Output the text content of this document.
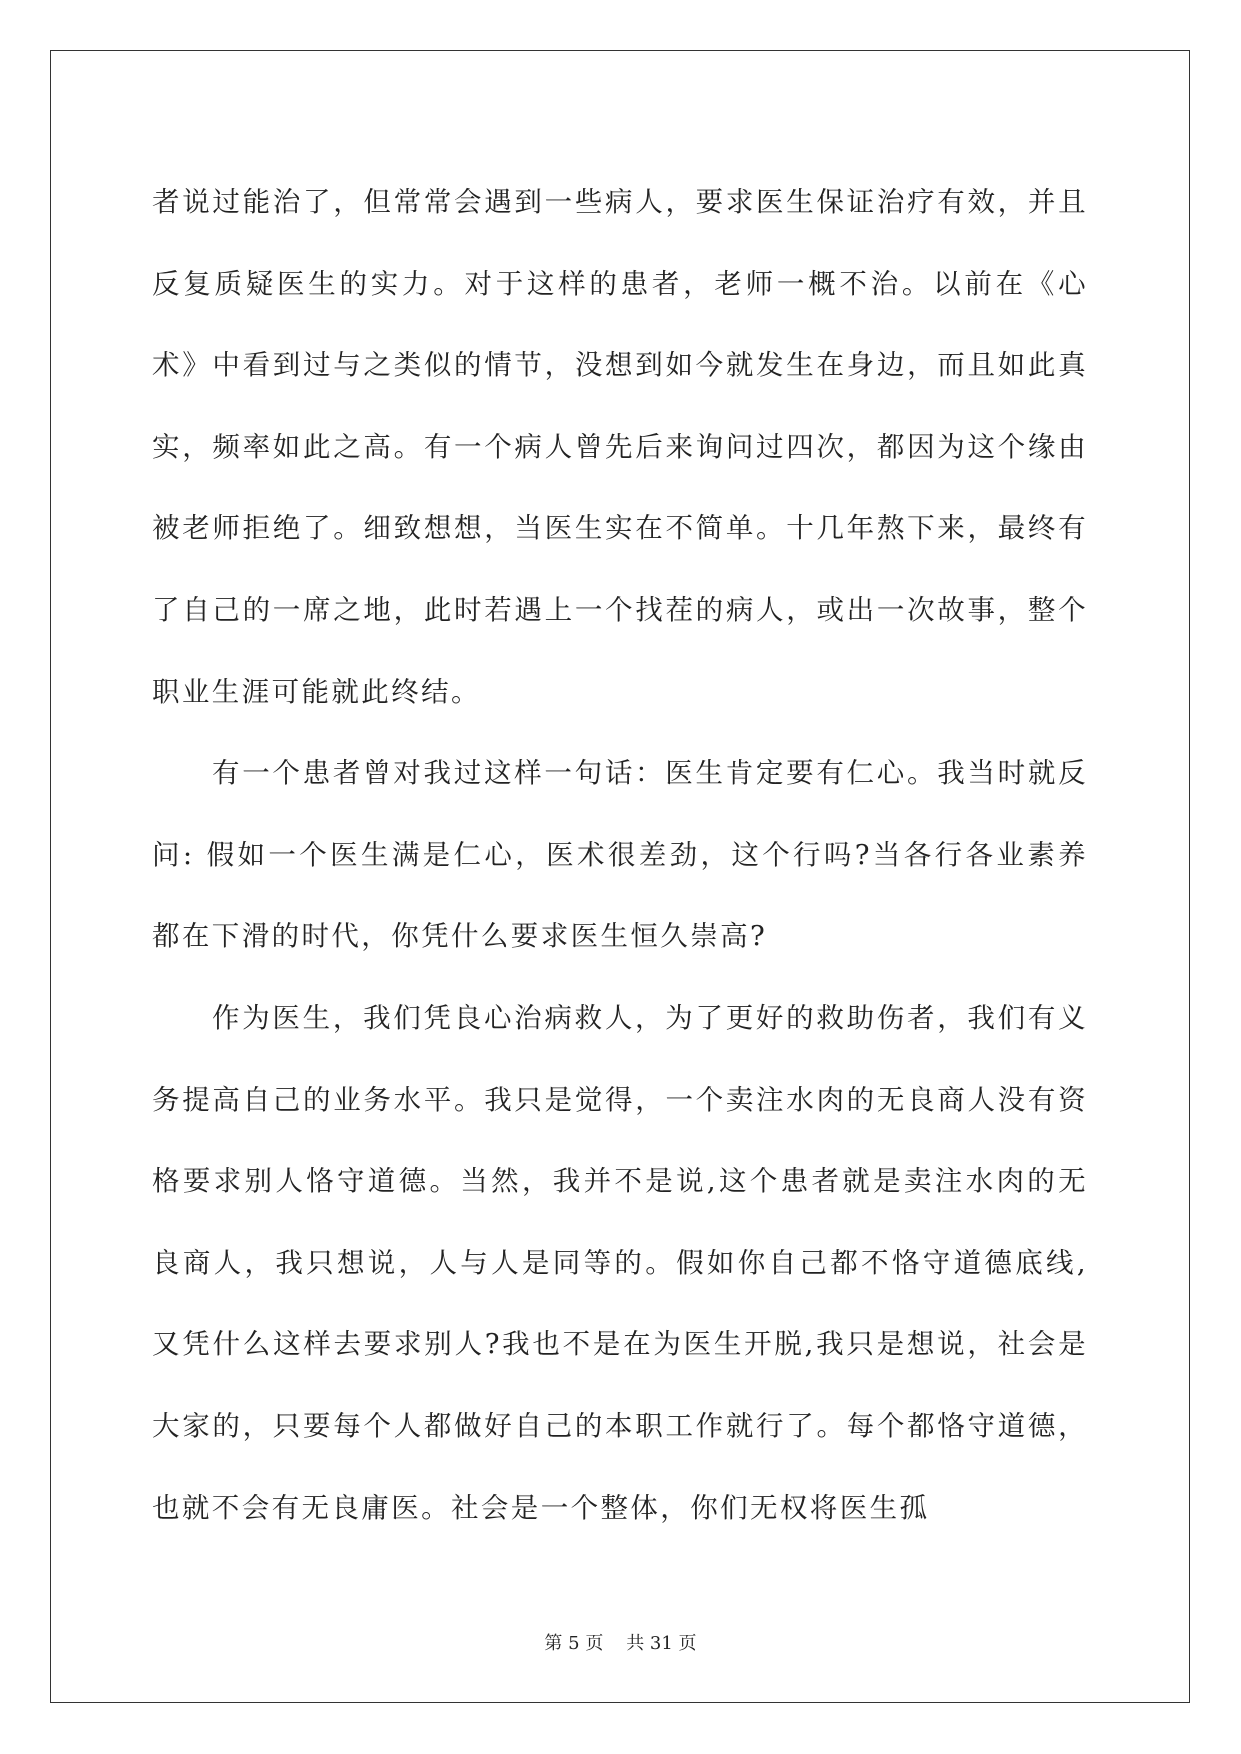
者说过能治了，但常常会遇到一些病人，要求医生保证治疗有效，并且反复质疑医生的实力。对于这样的患者，老师一概不治。以前在《心术》中看到过与之类似的情节，没想到如今就发生在身边，而且如此真实，频率如此之高。有一个病人曾先后来询问过四次，都因为这个缘由被老师拒绝了。细致想想，当医生实在不简单。十几年熬下来，最终有了自己的一席之地，此时若遇上一个找茬的病人，或出一次故事，整个职业生涯可能就此终结。

有一个患者曾对我过这样一句话：医生肯定要有仁心。我当时就反问: 假如一个医生满是仁心，医术很差劲，这个行吗?当各行各业素养都在下滑的时代，你凭什么要求医生恒久崇高?

作为医生，我们凭良心治病救人，为了更好的救助伤者，我们有义务提高自己的业务水平。我只是觉得，一个卖注水肉的无良商人没有资格要求别人恪守道德。当然，我并不是说,这个患者就是卖注水肉的无良商人，我只想说，人与人是同等的。假如你自己都不恪守道德底线,又凭什么这样去要求别人?我也不是在为医生开脱,我只是想说，社会是大家的，只要每个人都做好自己的本职工作就行了。每个都恪守道德，也就不会有无良庸医。社会是一个整体，你们无权将医生孤

第 5 页    共 31 页
